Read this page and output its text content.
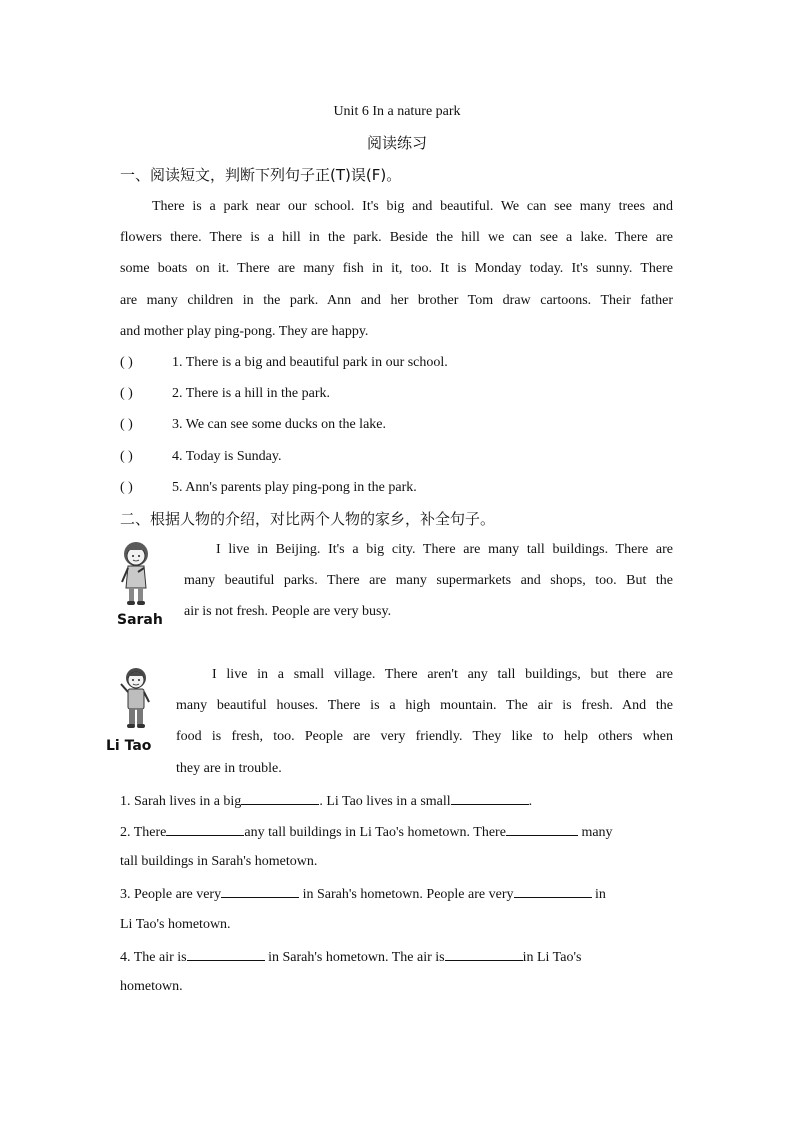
Unit 6 In a nature park
阅读练习
一、阅读短文，判断下列句子正(T)误(F)。
There is a park near our school. It's big and beautiful. We can see many trees and
flowers there. There is a hill in the park. Beside the hill we can see a lake. There are
some boats on it. There are many fish in it, too. It is Monday today. It's sunny. There
are many children in the park. Ann and her brother Tom draw cartoons. Their father
and mother play ping-pong. They are happy.
( )	1. There is a big and beautiful park in our school.
( )	2. There is a hill in the park.
( )	3. We can see some ducks on the lake.
( )	4. Today is Sunday.
( )	5. Ann's parents play ping-pong in the park.
二、根据人物的介绍，对比两个人物的家乡，补全句子。
Sarah
I live in Beijing. It's a big city. There are many tall buildings. There are
many beautiful parks. There are many supermarkets and shops, too. But the
air is not fresh. People are very busy.
Li Tao
I live in a small village. There aren't any tall buildings, but there are
many beautiful houses. There is a high mountain. The air is fresh. And the
food is fresh, too. People are very friendly. They like to help others when
they are in trouble.
1. Sarah lives in a big	. Li Tao lives in a small	.
2. There	any tall buildings in Li Tao's hometown. There	many
tall buildings in Sarah's hometown.
3. People are very	in Sarah's hometown. People are very	in
Li Tao's hometown.
4. The air is	in Sarah's hometown. The air is	in Li Tao's
hometown.
